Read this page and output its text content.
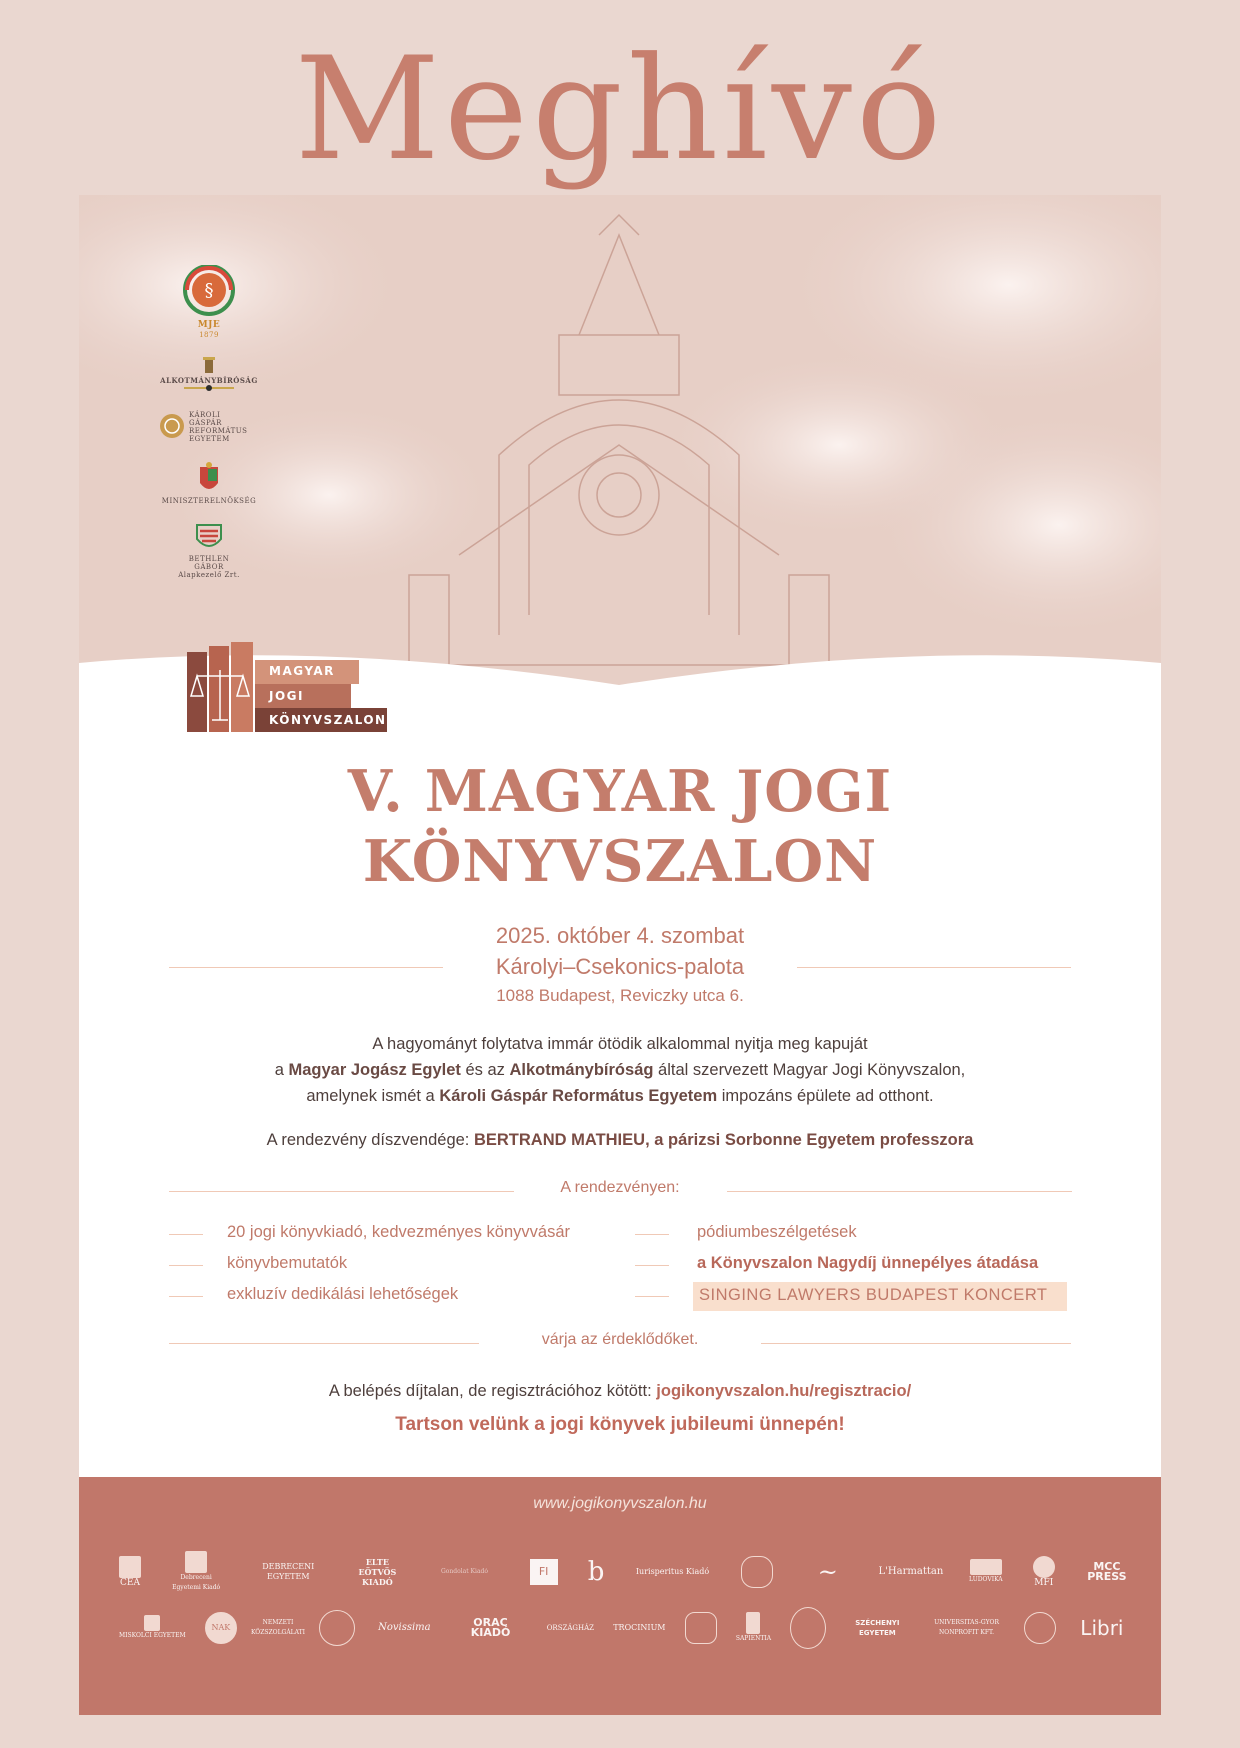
Meghívó
§
MJE
1879
ALKOTMÁNYBÍRÓSÁG
KÁROLI GÁSPÁR REFORMÁTUS EGYETEM
MINISZTERELNÖKSÉG
BETHLEN GÁBOR Alapkezelő Zrt.
MAGYAR
JOGI
KÖNYVSZALON
V. MAGYAR JOGI
KÖNYVSZALON
2025. október 4. szombat
Károlyi–Csekonics-palota
1088 Budapest, Reviczky utca 6.
A hagyományt folytatva immár ötödik alkalommal nyitja meg kapuját
a Magyar Jogász Egylet és az Alkotmánybíróság által szervezett Magyar Jogi Könyvszalon,
amelynek ismét a Károli Gáspár Református Egyetem impozáns épülete ad otthont.
A rendezvény díszvendége: BERTRAND MATHIEU, a párizsi Sorbonne Egyetem professzora
A rendezvényen:
20 jogi könyvkiadó, kedvezményes könyvvásár
könyvbemutatók
exkluzív dedikálási lehetőségek
pódiumbeszélgetések
a Könyvszalon Nagydíj ünnepélyes átadása
SINGING LAWYERS BUDAPEST KONCERT
várja az érdeklődőket.
A belépés díjtalan, de regisztrációhoz kötött: jogikonyvszalon.hu/regisztracio/
Tartson velünk a jogi könyvek jubileumi ünnepén!
www.jogikonyvszalon.hu
CEA
Debreceni Egyetemi Kiadó
DEBRECENI EGYETEM
ELTE EÖTVÖS KIADÓ
Gondolat Kiadó	FI	b	Iurisperitus Kiadó	~	L'Harmattan
LUDOVIKA	MFI
MCC PRESS
MISKOLCI EGYETEM
NAK
NEMZETI KÖZSZOLGÁLATI	Novissima	ORAC KIADÓ	ORSZÁGHÁZ TROCINIUM
SAPIENTIA
SZÉCHENYI EGYETEM
UNIVERSITAS-GYŐR NONPROFIT KFT.	Libri
